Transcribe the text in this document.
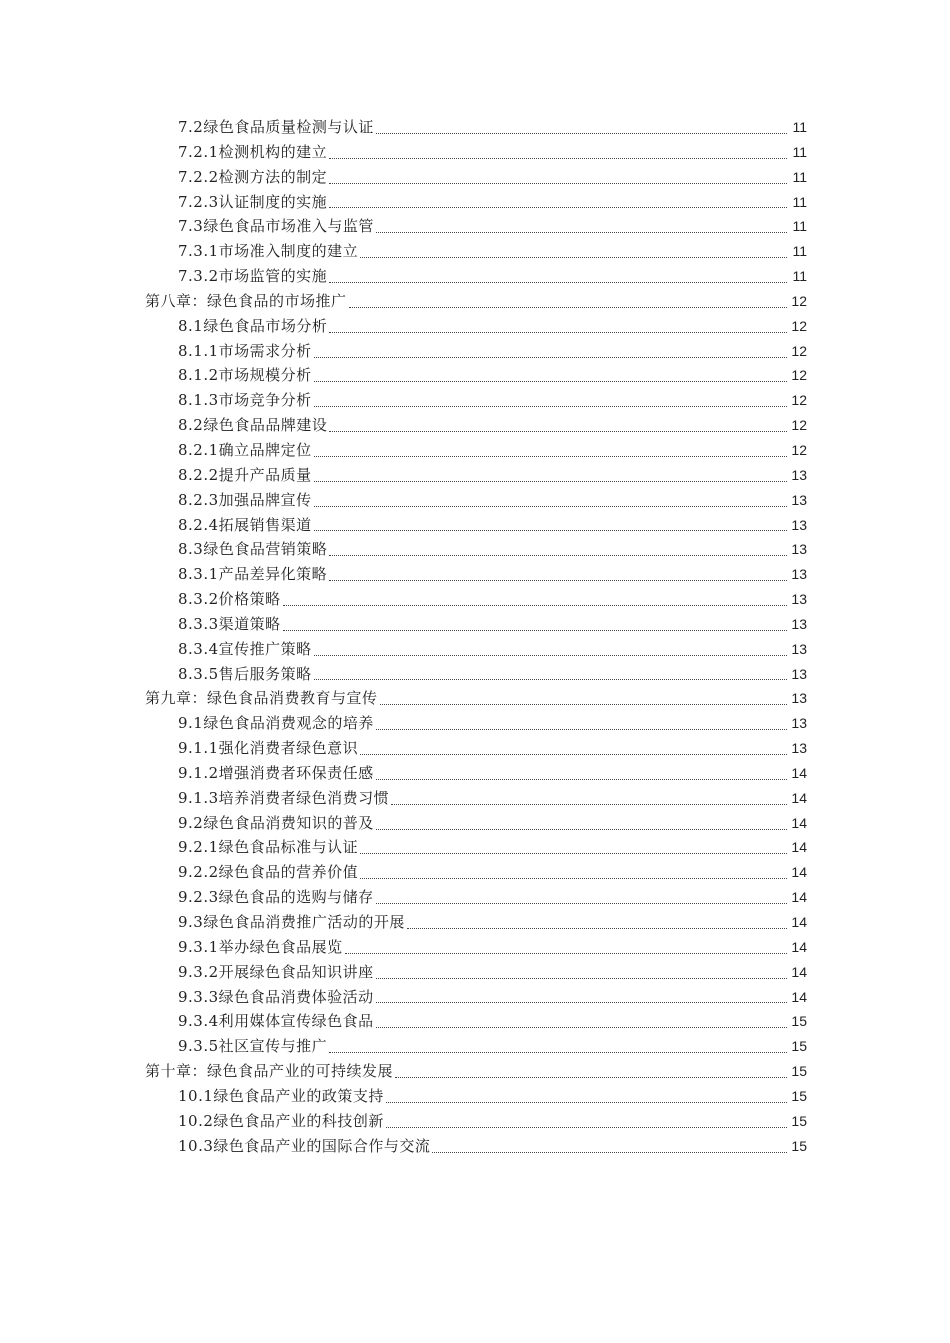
7.2 绿色食品质量检测与认证	11
7.2.1 检测机构的建立	11
7.2.2 检测方法的制定	11
7.2.3 认证制度的实施	11
7.3 绿色食品市场准入与监管	11
7.3.1 市场准入制度的建立	11
7.3.2 市场监管的实施	11
第八章： 绿色食品的市场推广	12
8.1 绿色食品市场分析	12
8.1.1 市场需求分析	12
8.1.2 市场规模分析	12
8.1.3 市场竞争分析	12
8.2 绿色食品品牌建设	12
8.2.1 确立品牌定位	12
8.2.2 提升产品质量	13
8.2.3 加强品牌宣传	13
8.2.4 拓展销售渠道	13
8.3 绿色食品营销策略	13
8.3.1 产品差异化策略	13
8.3.2 价格策略	13
8.3.3 渠道策略	13
8.3.4 宣传推广策略	13
8.3.5 售后服务策略	13
第九章： 绿色食品消费教育与宣传	13
9.1 绿色食品消费观念的培养	13
9.1.1 强化消费者绿色意识	13
9.1.2 增强消费者环保责任感	14
9.1.3 培养消费者绿色消费习惯	14
9.2 绿色食品消费知识的普及	14
9.2.1 绿色食品标准与认证	14
9.2.2 绿色食品的营养价值	14
9.2.3 绿色食品的选购与储存	14
9.3 绿色食品消费推广活动的开展	14
9.3.1 举办绿色食品展览	14
9.3.2 开展绿色食品知识讲座	14
9.3.3 绿色食品消费体验活动	14
9.3.4 利用媒体宣传绿色食品	15
9.3.5 社区宣传与推广	15
第十章： 绿色食品产业的可持续发展	15
10.1 绿色食品产业的政策支持	15
10.2 绿色食品产业的科技创新	15
10.3 绿色食品产业的国际合作与交流	15
